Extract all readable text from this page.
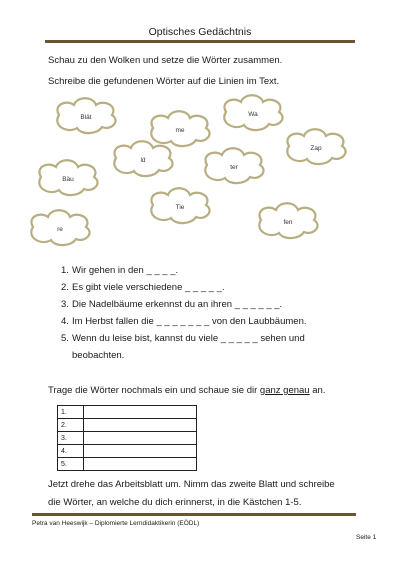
Optisches Gedächtnis
Schau zu den Wolken und setze die Wörter zusammen.
Schreibe die gefundenen Wörter auf die Linien im Text.
Blät	Wa
me
Zap
ld
ter
Bäu
Tie
fen
re
1. Wir gehen in den _ _ _ _.
2. Es gibt viele verschiedene _ _ _ _ _.
3. Die Nadelbäume erkennst du an ihren _ _ _ _ _ _.
4. Im Herbst fallen die _ _ _ _ _ _ _ von den Laubbäumen.
5. Wenn du leise bist, kannst du viele _ _ _ _ _ sehen und
beobachten.
Trage die Wörter nochmals ein und schaue sie dir ganz genau an.
1.	
2.	
3.	
4.	
5.	
Jetzt drehe das Arbeitsblatt um. Nimm das zweite Blatt und schreibe
die Wörter, an welche du dich erinnerst, in die Kästchen 1-5.
Petra van Heeswijk – Diplomierte Lerndidaktikerin (EÖDL)
Seite 1
